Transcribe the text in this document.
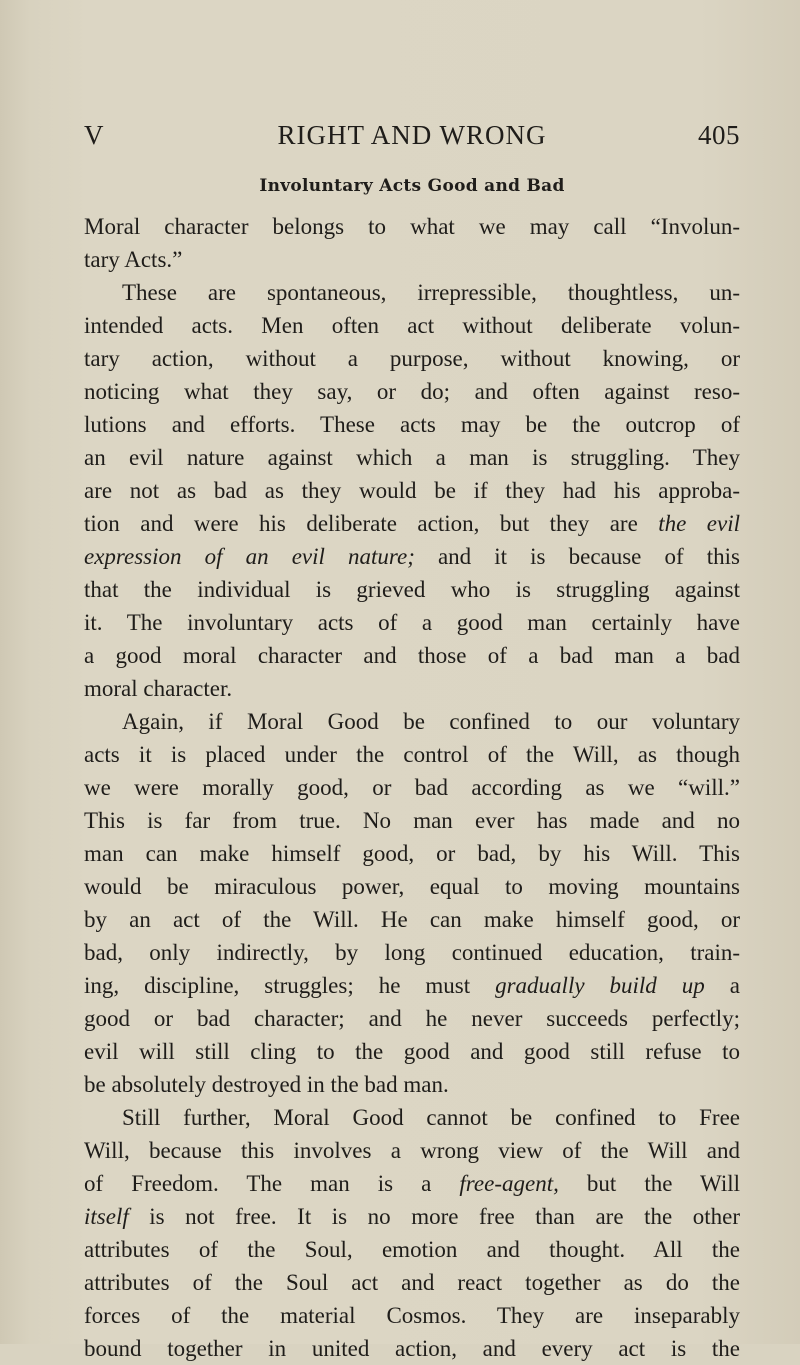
V	RIGHT AND WRONG	405
Involuntary Acts Good and Bad
Moral character belongs to what we may call “Involun-
tary Acts.”
These are spontaneous, irrepressible, thoughtless, un-
intended acts. Men often act without deliberate volun-
tary action, without a purpose, without knowing, or
noticing what they say, or do; and often against reso-
lutions and efforts. These acts may be the outcrop of
an evil nature against which a man is struggling. They
are not as bad as they would be if they had his approba-
tion and were his deliberate action, but they are the evil
expression of an evil nature; and it is because of this
that the individual is grieved who is struggling against
it. The involuntary acts of a good man certainly have
a good moral character and those of a bad man a bad
moral character.
Again, if Moral Good be confined to our voluntary
acts it is placed under the control of the Will, as though
we were morally good, or bad according as we “will.”
This is far from true. No man ever has made and no
man can make himself good, or bad, by his Will. This
would be miraculous power, equal to moving mountains
by an act of the Will. He can make himself good, or
bad, only indirectly, by long continued education, train-
ing, discipline, struggles; he must gradually build up a
good or bad character; and he never succeeds perfectly;
evil will still cling to the good and good still refuse to
be absolutely destroyed in the bad man.
Still further, Moral Good cannot be confined to Free
Will, because this involves a wrong view of the Will and
of Freedom. The man is a free-agent, but the Will
itself is not free. It is no more free than are the other
attributes of the Soul, emotion and thought. All the
attributes of the Soul act and react together as do the
forces of the material Cosmos. They are inseparably
bound together in united action, and every act is the
